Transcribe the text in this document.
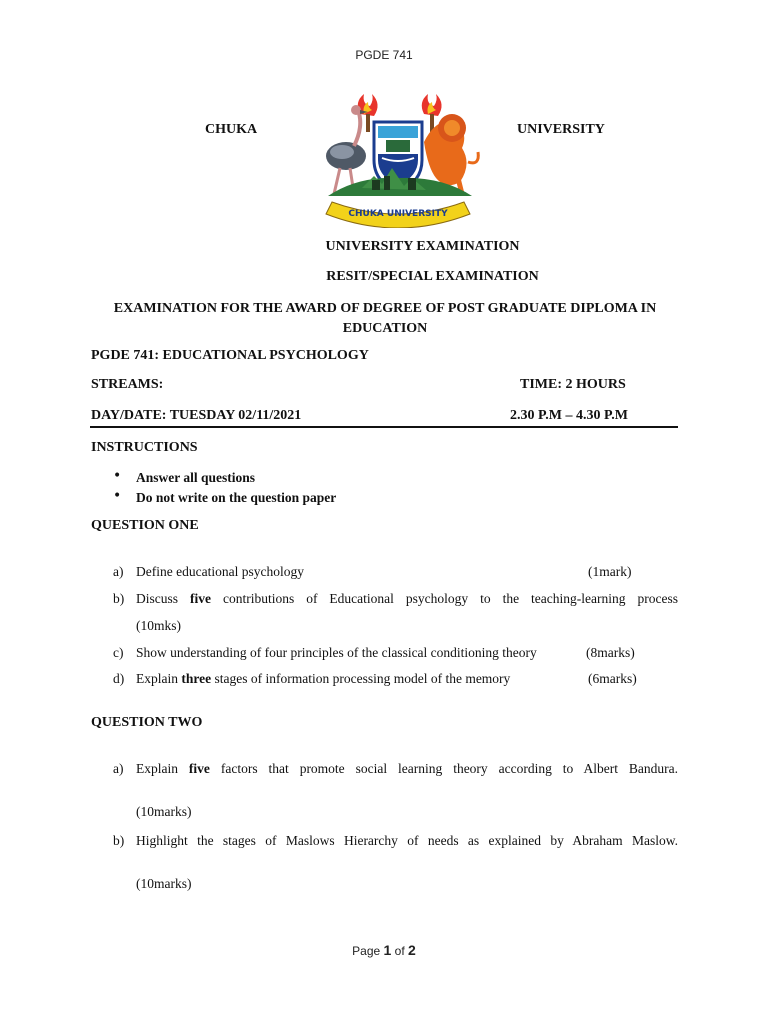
PGDE 741
CHUKA	UNIVERSITY
CHUKA UNIVERSITY
UNIVERSITY EXAMINATION
RESIT/SPECIAL EXAMINATION
EXAMINATION FOR THE AWARD OF DEGREE OF POST GRADUATE DIPLOMA IN EDUCATION
PGDE 741: EDUCATIONAL PSYCHOLOGY
STREAMS:	TIME: 2 HOURS
DAY/DATE: TUESDAY 02/11/2021	2.30 P.M – 4.30 P.M
INSTRUCTIONS
• Answer all questions
• Do not write on the question paper
QUESTION ONE
a) Define educational psychology	(1mark)
b) Discuss five contributions of Educational psychology to the teaching-learning process
(10mks)
c) Show understanding of four principles of the classical conditioning theory	(8marks)
d) Explain three stages of information processing model of the memory	(6marks)
QUESTION TWO
a) Explain five factors that promote social learning theory according to Albert Bandura.
(10marks)
b) Highlight the stages of Maslows Hierarchy of needs as explained by Abraham Maslow.
(10marks)
Page 1 of 2
